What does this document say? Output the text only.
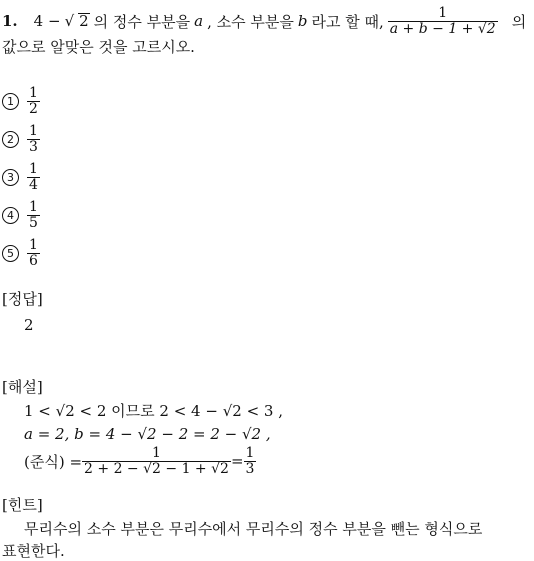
1. 4 − √ 2 의 정수 부분을 a , 소수 부분을 b 라고 할 때, $\frac{1}{a + b - 1 + √2}$ 의
값으로 알맞은 것을 고르시오.
$1 \frac{1}{2}$
$2 \frac{1}{3}$
$3 \frac{1}{4}$
$4 \frac{1}{5}$
$5 \frac{1}{6}$
[정답]
2
[해설]
1 < √2 < 2 이므로 2 < 4 − √2 < 3 ,
a = 2, b = 4 − √2 − 2 = 2 − √2 ,
(준식) = $\frac{1}{2 + 2 - √2 - 1 + √2} = \frac{1}{3}$
[힌트]
무리수의 소수 부분은 무리수에서 무리수의 정수 부분을 뺀는 형식으로
표현한다.
